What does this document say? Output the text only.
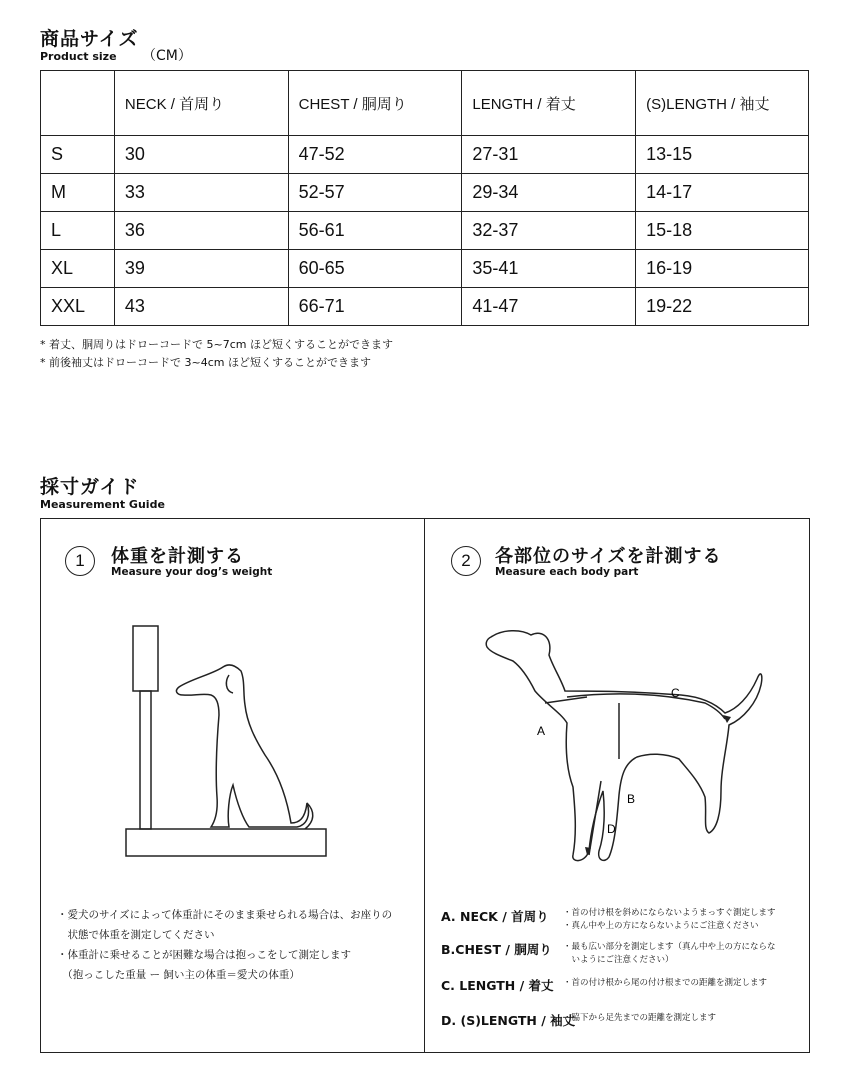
商品サイズ
Product size （CM）
	NECK / 首周り	CHEST / 胴周り	LENGTH / 着丈	(S)LENGTH / 袖丈
S	30	47-52	27-31	13-15
M	33	52-57	29-34	14-17
L	36	56-61	32-37	15-18
XL	39	60-65	35-41	16-19
XXL	43	66-71	41-47	19-22
* 着丈、胴周りはドローコードで 5~7cm ほど短くすることができます
* 前後袖丈はドローコードで 3~4cm ほど短くすることができます
採寸ガイド
Measurement Guide
1	体重を計測する
Measure your dog’s weight
・愛犬のサイズによって体重計にそのまま乗せられる場合は、お座りの
　状態で体重を測定してください
・体重計に乗せることが困難な場合は抱っこをして測定します
　（抱っこした重量 ー 飼い主の体重＝愛犬の体重）
2	各部位のサイズを計測する
Measure each body part
A
B
C
D
A. NECK / 首周り ・首の付け根を斜めにならないようまっすぐ測定します
・真ん中や上の方にならないようにご注意ください
B.CHEST / 胴周り ・最も広い部分を測定します（真ん中や上の方にならな
　いようにご注意ください）
C. LENGTH / 着丈 ・首の付け根から尾の付け根までの距離を測定します
D. (S)LENGTH / 袖丈
・脇下から足先までの距離を測定します
